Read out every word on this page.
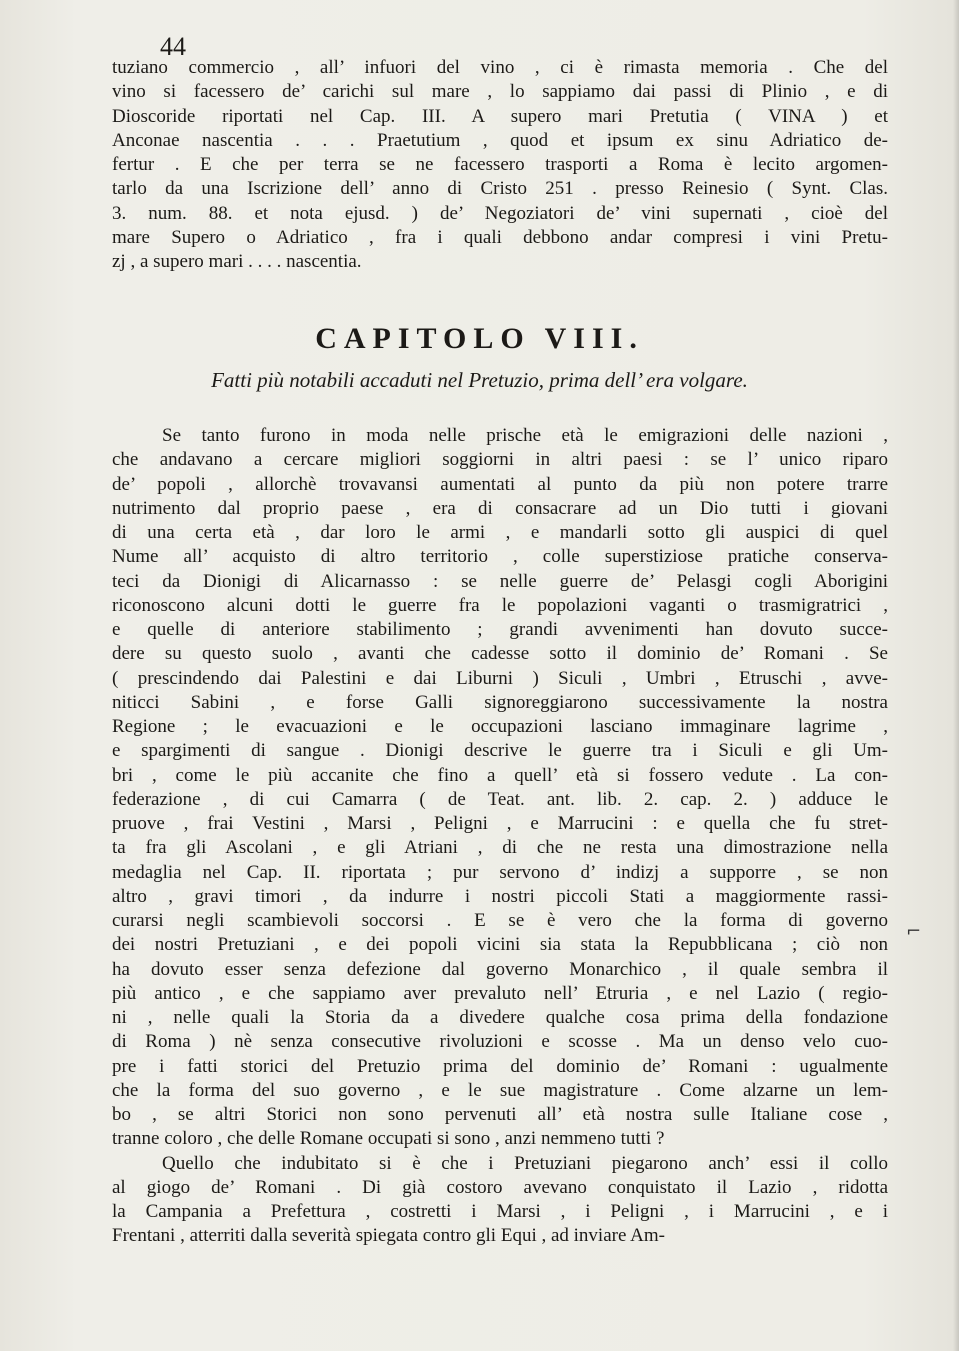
44
tuziano commercio , all’ infuori del vino , ci è rimasta memoria . Che del
vino si facessero de’ carichi sul mare , lo sappiamo dai passi di Plinio , e di
Dioscoride riportati nel Cap. III. A supero mari Pretutia ( VINA ) et
Anconae nascentia . . . Praetutium , quod et ipsum ex sinu Adriatico de-
fertur . E che per terra se ne facessero trasporti a Roma è lecito argomen-
tarlo da una Iscrizione dell’ anno di Cristo 251 . presso Reinesio ( Synt. Clas.
3. num. 88. et nota ejusd. ) de’ Negoziatori de’ vini supernati , cioè del
mare Supero o Adriatico , fra i quali debbono andar compresi i vini Pretu-
zj , a supero mari . . . . nascentia.
CAPITOLO VIII.
Fatti più notabili accaduti nel Pretuzio, prima dell’ era volgare.
Se tanto furono in moda nelle prische età le emigrazioni delle nazioni ,
che andavano a cercare migliori soggiorni in altri paesi : se l’ unico riparo
de’ popoli , allorchè trovavansi aumentati al punto da più non potere trarre
nutrimento dal proprio paese , era di consacrare ad un Dio tutti i giovani
di una certa età , dar loro le armi , e mandarli sotto gli auspici di quel
Nume all’ acquisto di altro territorio , colle superstiziose pratiche conserva-
teci da Dionigi di Alicarnasso : se nelle guerre de’ Pelasgi cogli Aborigini
riconoscono alcuni dotti le guerre fra le popolazioni vaganti o trasmigratrici ,
e quelle di anteriore stabilimento ; grandi avvenimenti han dovuto succe-
dere su questo suolo , avanti che cadesse sotto il dominio de’ Romani . Se
( prescindendo dai Palestini e dai Liburni ) Siculi , Umbri , Etruschi , avve-
niticci Sabini , e forse Galli signoreggiarono successivamente la nostra
Regione ; le evacuazioni e le occupazioni lasciano immaginare lagrime ,
e spargimenti di sangue . Dionigi descrive le guerre tra i Siculi e gli Um-
bri , come le più accanite che fino a quell’ età si fossero vedute . La con-
federazione , di cui Camarra ( de Teat. ant. lib. 2. cap. 2. ) adduce le
pruove , frai Vestini , Marsi , Peligni , e Marrucini : e quella che fu stret-
ta fra gli Ascolani , e gli Atriani , di che ne resta una dimostrazione nella
medaglia nel Cap. II. riportata ; pur servono d’ indizj a supporre , se non
altro , gravi timori , da indurre i nostri piccoli Stati a maggiormente rassi-
curarsi negli scambievoli soccorsi . E se è vero che la forma di governo
dei nostri Pretuziani , e dei popoli vicini sia stata la Repubblicana ; ciò non
ha dovuto esser senza defezione dal governo Monarchico , il quale sembra il
più antico , e che sappiamo aver prevaluto nell’ Etruria , e nel Lazio ( regio-
ni , nelle quali la Storia da a divedere qualche cosa prima della fondazione
di Roma ) nè senza consecutive rivoluzioni e scosse . Ma un denso velo cuo-
pre i fatti storici del Pretuzio prima del dominio de’ Romani : ugualmente
che la forma del suo governo , e le sue magistrature . Come alzarne un lem-
bo , se altri Storici non sono pervenuti all’ età nostra sulle Italiane cose ,
tranne coloro , che delle Romane occupati si sono , anzi nemmeno tutti ?
Quello che indubitato si è che i Pretuziani piegarono anch’ essi il collo
al giogo de’ Romani . Di già costoro avevano conquistato il Lazio , ridotta
la Campania a Prefettura , costretti i Marsi , i Peligni , i Marrucini , e i
Frentani , atterriti dalla severità spiegata contro gli Equi , ad inviare Am-
⌐
